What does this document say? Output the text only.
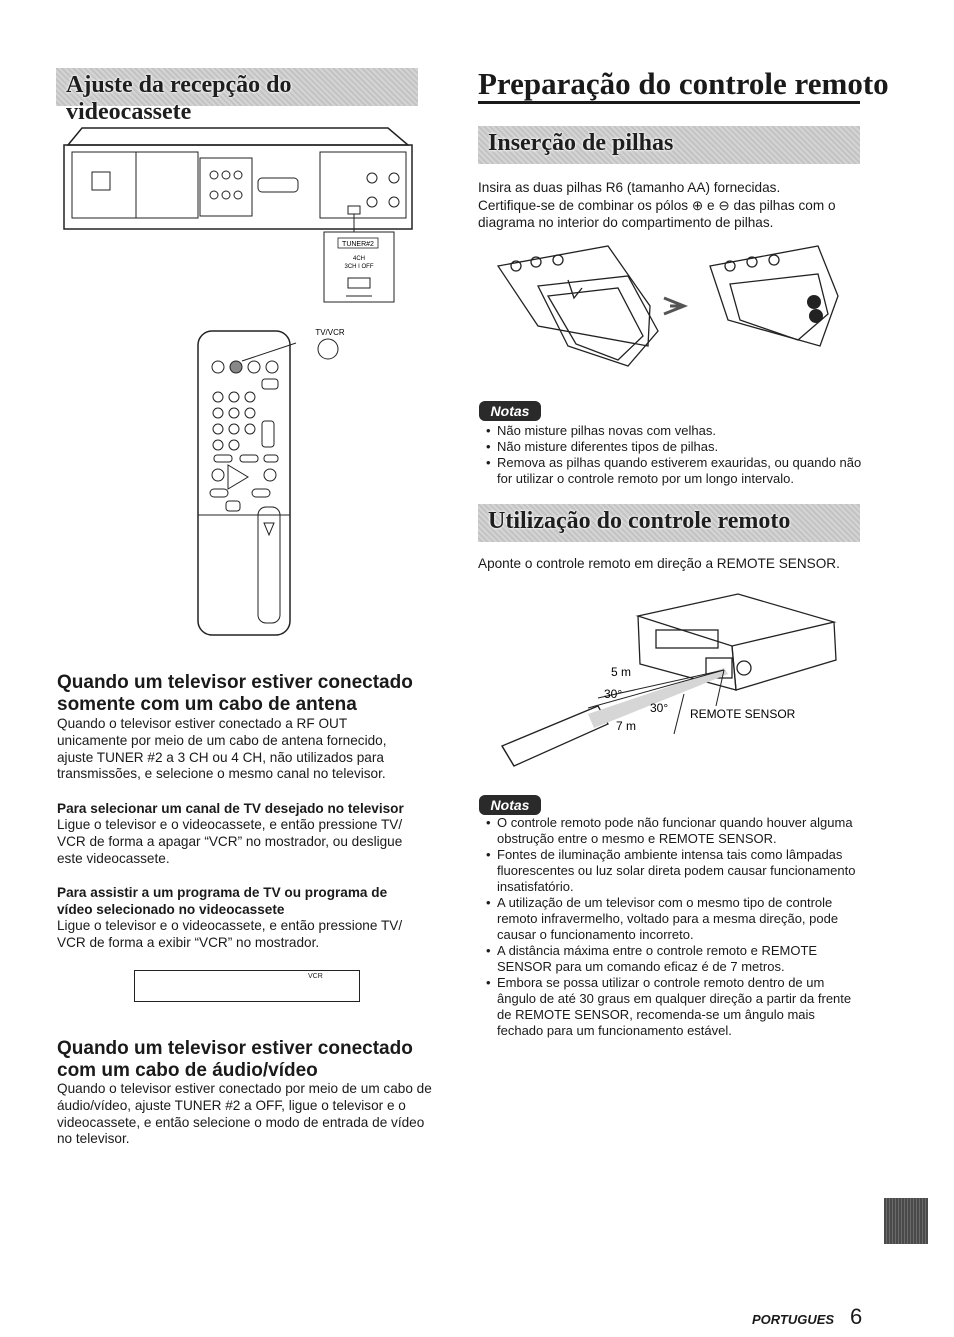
Ajuste da recepção do videocassete
TUNER#2
4CH
3CH I OFF
TV/VCR
Quando um televisor estiver conectado somente com um cabo de antena
Quando o televisor estiver conectado a RF OUT unicamente por meio de um cabo de antena fornecido, ajuste TUNER #2 a 3 CH ou 4 CH, não utilizados para transmissões, e selecione o mesmo canal no televisor.
Para selecionar um canal de TV desejado no televisor
Ligue o televisor e o videocassete, e então pressione TV/ VCR de forma a apagar “VCR” no mostrador, ou desligue este videocassete.
Para assistir a um programa de TV ou programa de vídeo selecionado no videocassete
Ligue o televisor e o videocassete, e então pressione TV/ VCR de forma a exibir “VCR” no mostrador.
VCR
Quando um televisor estiver conectado com um cabo de áudio/vídeo
Quando o televisor estiver conectado por meio de um cabo de áudio/vídeo, ajuste TUNER #2 a OFF, ligue o televisor e o videocassete, e então selecione o modo de entrada de vídeo no televisor.
Preparação do controle remoto
Inserção de pilhas
Insira as duas pilhas R6 (tamanho AA) fornecidas.
Certifique-se de combinar os pólos ⊕ e ⊖ das pilhas com o diagrama no interior do compartimento de pilhas.
Notas
• Não misture pilhas novas com velhas.
• Não misture diferentes tipos de pilhas.
• Remova as pilhas quando estiverem exauridas, ou quando não for utilizar o controle remoto por um longo intervalo.
Utilização do controle remoto
Aponte o controle remoto em direção a REMOTE SENSOR.
5 m
30°
30°
7 m
REMOTE SENSOR
Notas
• O controle remoto pode não funcionar quando houver alguma obstrução entre o mesmo e REMOTE SENSOR.
• Fontes de iluminação ambiente intensa tais como lâmpadas fluorescentes ou luz solar direta podem causar funcionamento insatisfatório.
• A utilização de um televisor com o mesmo tipo de controle remoto infravermelho, voltado para a mesma direção, pode causar o funcionamento incorreto.
• A distância máxima entre o controle remoto e REMOTE SENSOR para um comando eficaz é de 7 metros.
• Embora se possa utilizar o controle remoto dentro de um ângulo de até 30 graus em qualquer direção a partir da frente de REMOTE SENSOR, recomenda-se um ângulo mais fechado para um funcionamento estável.
PORTUGUES 6
